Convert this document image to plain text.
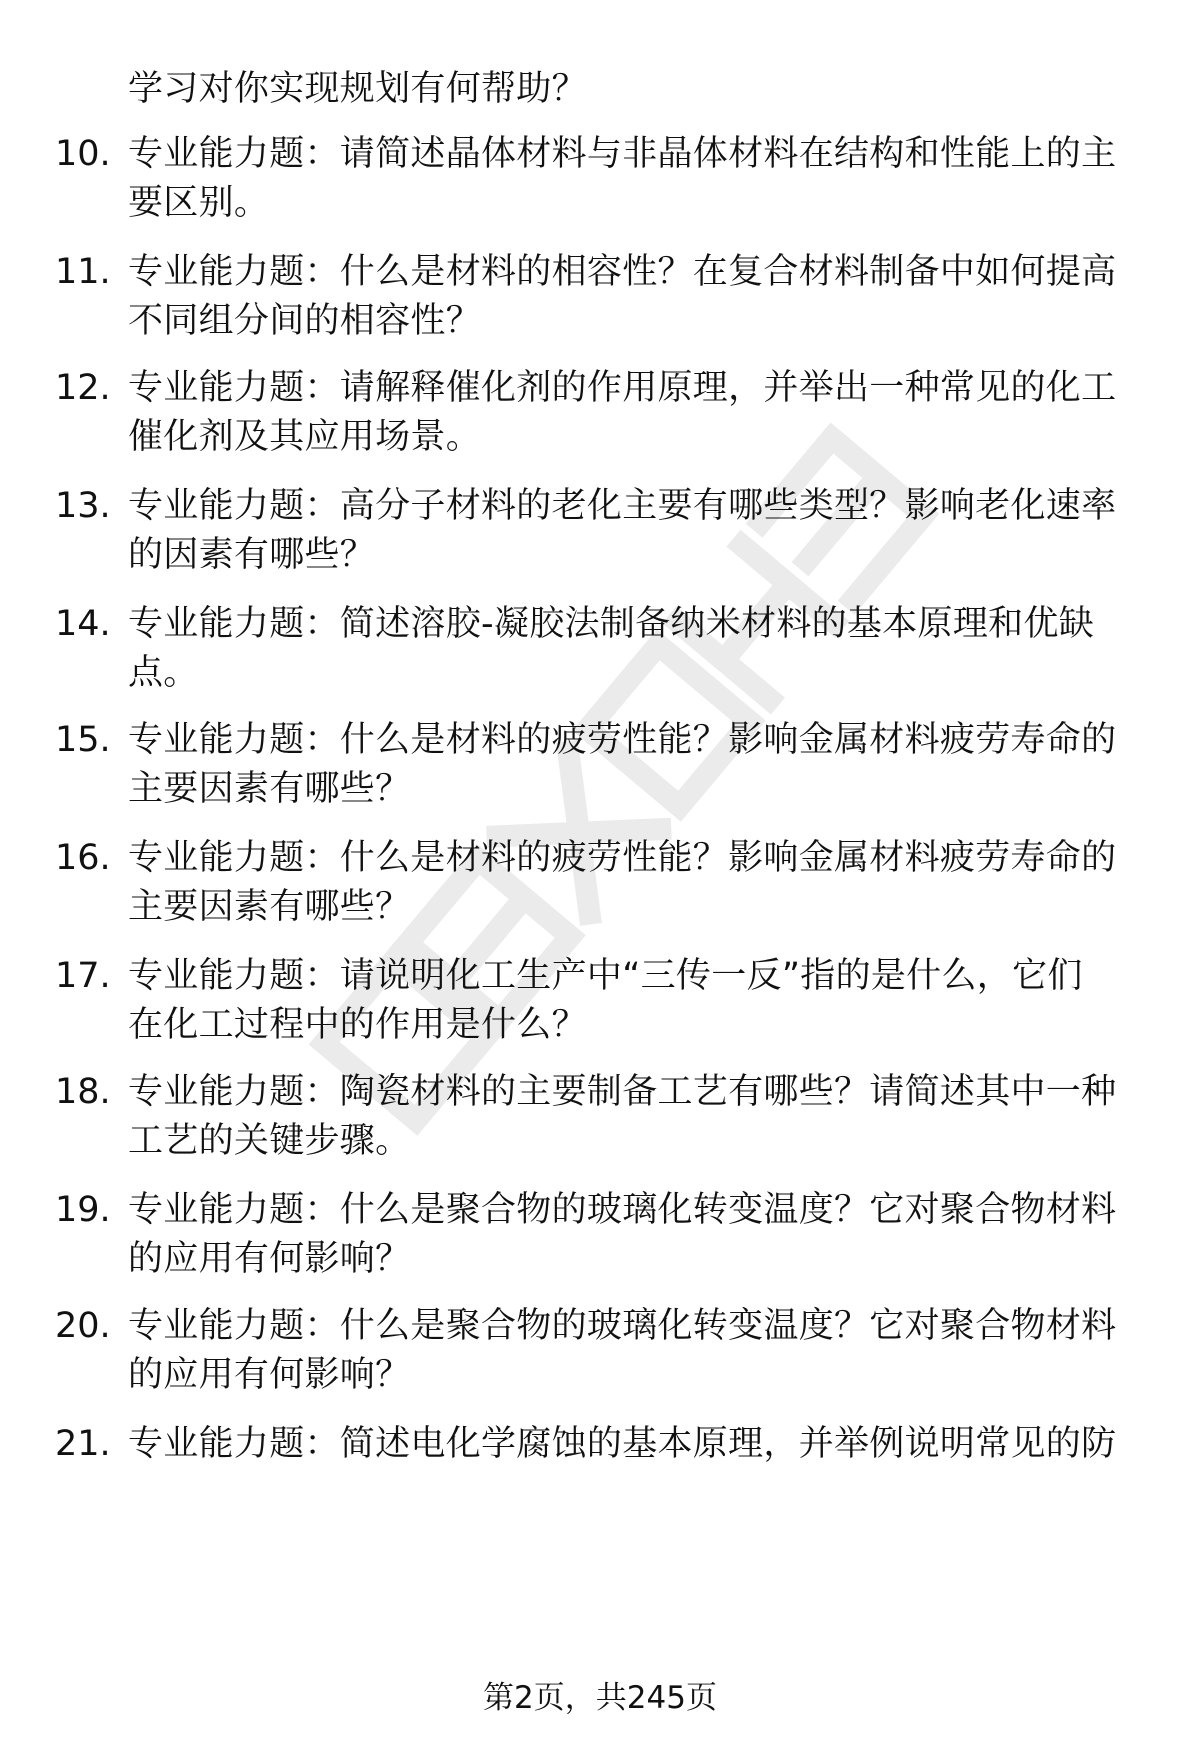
学习对你实现规划有何帮助？
10. 专业能力题：请简述晶体材料与非晶体材料在结构和性能上的主
要区别。
11. 专业能力题：什么是材料的相容性？在复合材料制备中如何提高
不同组分间的相容性？
12. 专业能力题：请解释催化剂的作用原理，并举出一种常见的化工
催化剂及其应用场景。
13. 专业能力题：高分子材料的老化主要有哪些类型？影响老化速率
的因素有哪些？
14. 专业能力题：简述溶胶-凝胶法制备纳米材料的基本原理和优缺
点。
15. 专业能力题：什么是材料的疲劳性能？影响金属材料疲劳寿命的
主要因素有哪些？
16. 专业能力题：什么是材料的疲劳性能？影响金属材料疲劳寿命的
主要因素有哪些？
17. 专业能力题：请说明化工生产中“三传一反”指的是什么，它们
在化工过程中的作用是什么？
18. 专业能力题：陶瓷材料的主要制备工艺有哪些？请简述其中一种
工艺的关键步骤。
19. 专业能力题：什么是聚合物的玻璃化转变温度？它对聚合物材料
的应用有何影响？
20. 专业能力题：什么是聚合物的玻璃化转变温度？它对聚合物材料
的应用有何影响？
21. 专业能力题：简述电化学腐蚀的基本原理，并举例说明常见的防
第2页，共245页
